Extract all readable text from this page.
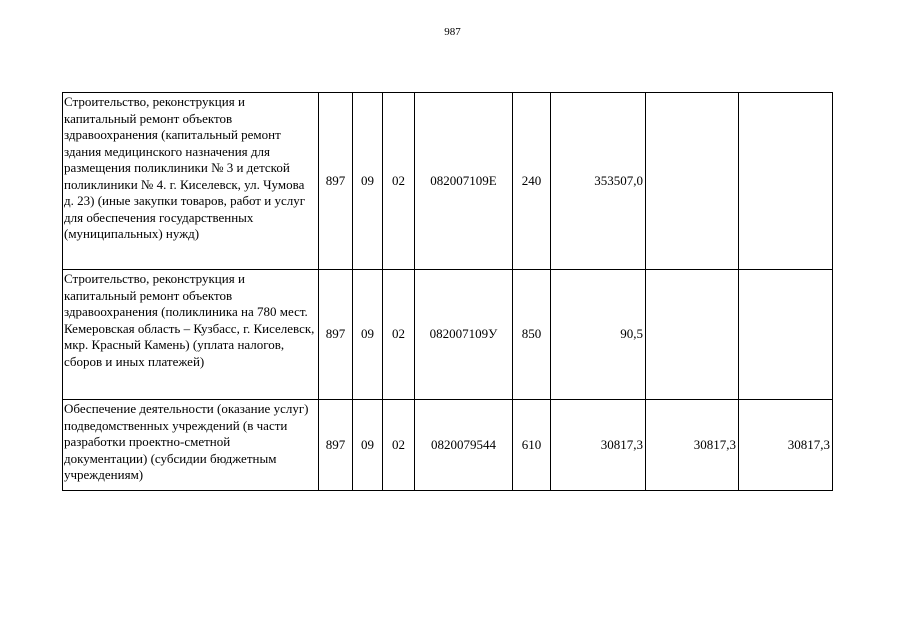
987
Строительство, реконструкция и капитальный ремонт объектов здравоохранения (капитальный ремонт здания медицинского назначения для размещения поликлиники № 3 и детской поликлиники № 4. г. Киселевск, ул. Чумова д. 23) (иные закупки товаров, работ и услуг для обеспечения государственных (муниципальных) нужд)	897	09	02	082007109Е	240	353507,0		
Строительство, реконструкция и капитальный ремонт объектов здравоохранения (поликлиника на 780 мест. Кемеровская область – Кузбасс, г. Киселевск, мкр. Красный Камень) (уплата налогов, сборов и иных платежей)	897	09	02	082007109У	850	90,5		
Обеспечение деятельности (оказание услуг) подведомственных учреждений (в части разработки проектно-сметной документации) (субсидии бюджетным учреждениям)	897	09	02	0820079544	610	30817,3	30817,3	30817,3
